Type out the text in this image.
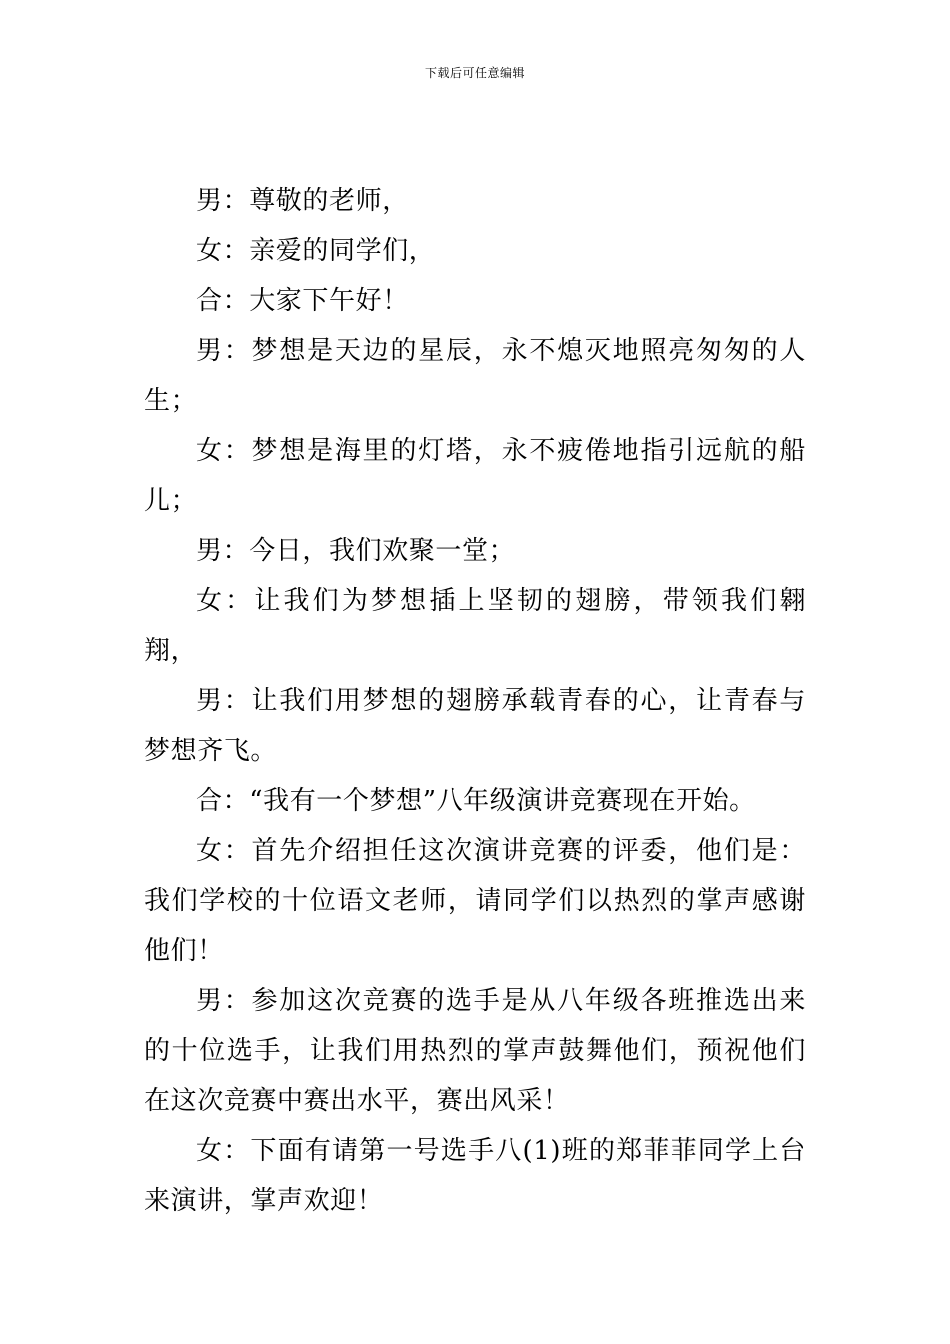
下载后可任意编辑

男：尊敬的老师，

女：亲爱的同学们，

合：大家下午好！

男：梦想是天边的星辰，永不熄灭地照亮匆匆的人生；

女：梦想是海里的灯塔，永不疲倦地指引远航的船儿；

男：今日，我们欢聚一堂；

女：让我们为梦想插上坚韧的翅膀，带领我们翱翔，

男：让我们用梦想的翅膀承载青春的心，让青春与梦想齐飞。

合：“我有一个梦想”八年级演讲竞赛现在开始。

女：首先介绍担任这次演讲竞赛的评委，他们是：我们学校的十位语文老师，请同学们以热烈的掌声感谢他们！

男：参加这次竞赛的选手是从八年级各班推选出来的十位选手，让我们用热烈的掌声鼓舞他们，预祝他们在这次竞赛中赛出水平，赛出风采！

女：下面有请第一号选手八(1)班的郑菲菲同学上台来演讲，掌声欢迎！
